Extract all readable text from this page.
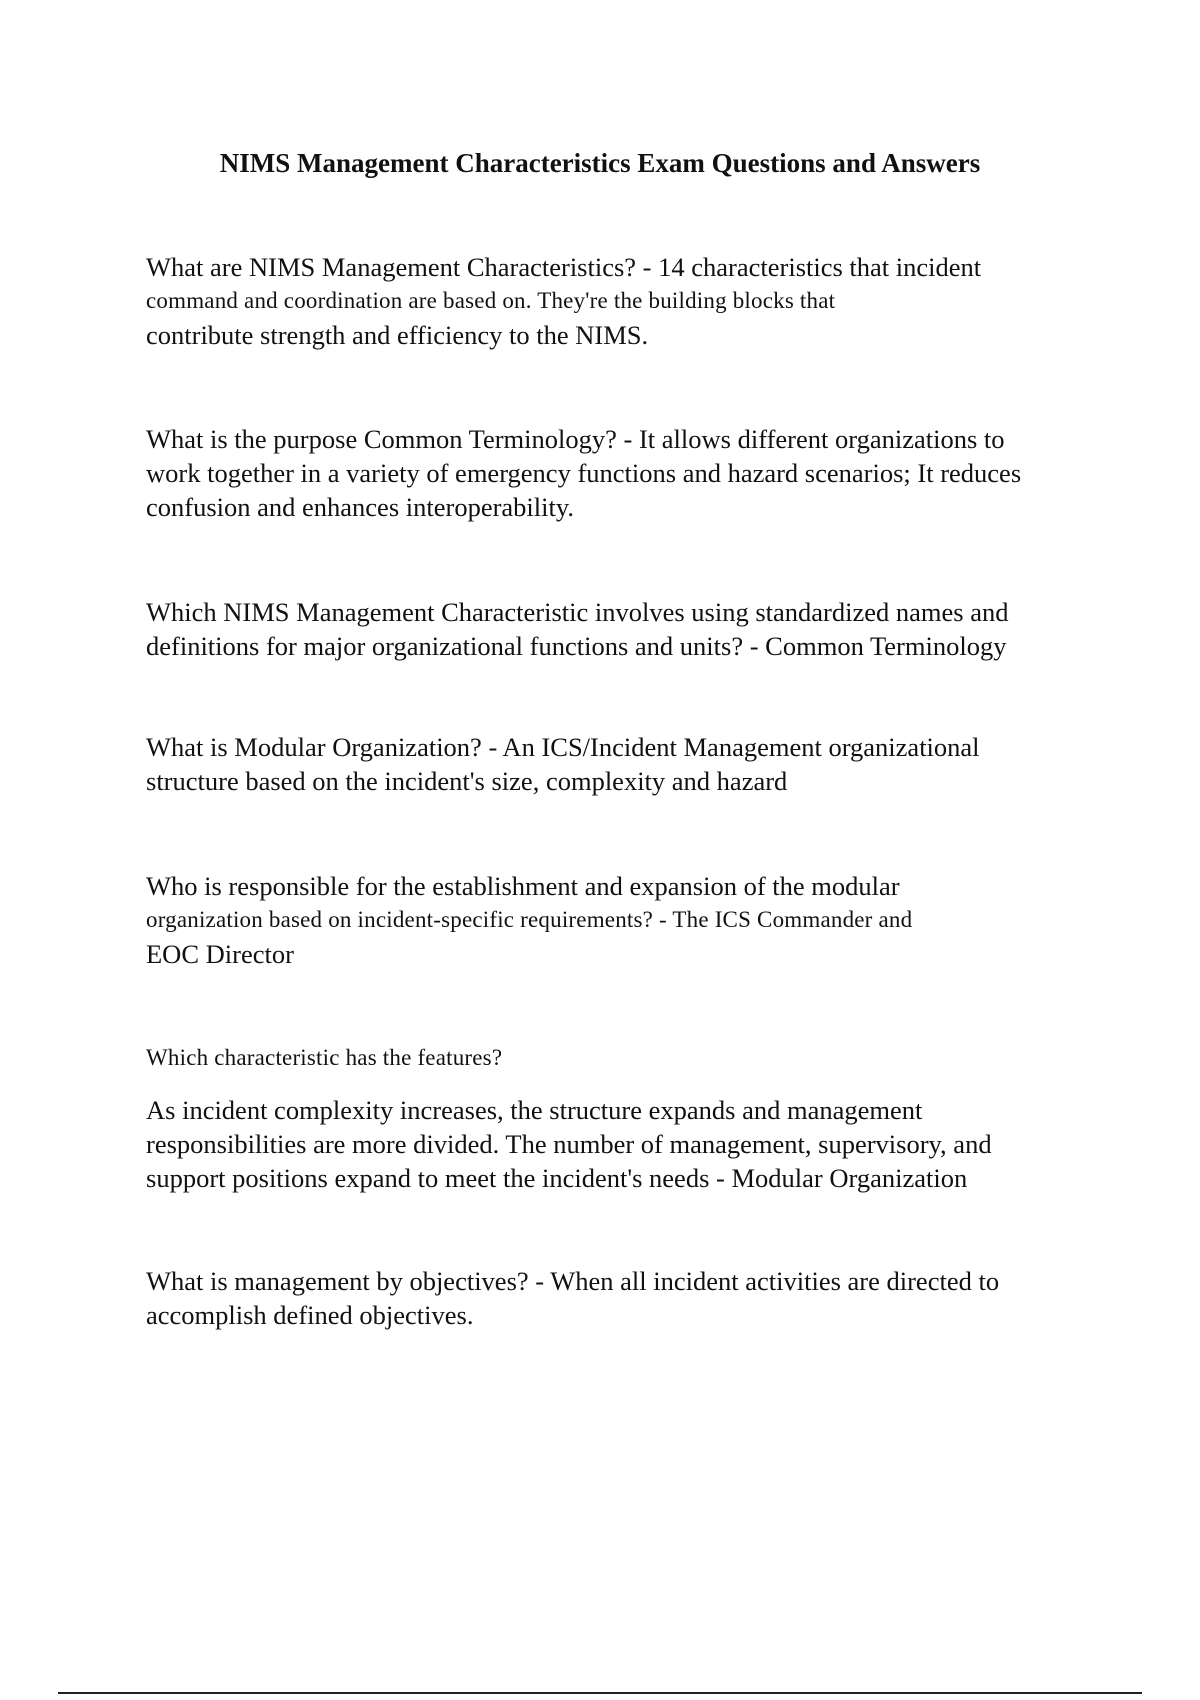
NIMS Management Characteristics Exam Questions and Answers
What are NIMS Management Characteristics? - 14 characteristics that incident
command and coordination are based on. They're the building blocks that
contribute strength and efficiency to the NIMS.
What is the purpose Common Terminology? - It allows different organizations to
work together in a variety of emergency functions and hazard scenarios; It reduces
confusion and enhances interoperability.
Which NIMS Management Characteristic involves using standardized names and
definitions for major organizational functions and units? - Common Terminology
What is Modular Organization? - An ICS/Incident Management organizational
structure based on the incident's size, complexity and hazard
Who is responsible for the establishment and expansion of the modular
organization based on incident-specific requirements? - The ICS Commander and
EOC Director
Which characteristic has the features?
As incident complexity increases, the structure expands and management
responsibilities are more divided. The number of management, supervisory, and
support positions expand to meet the incident's needs - Modular Organization
What is management by objectives? - When all incident activities are directed to
accomplish defined objectives.
